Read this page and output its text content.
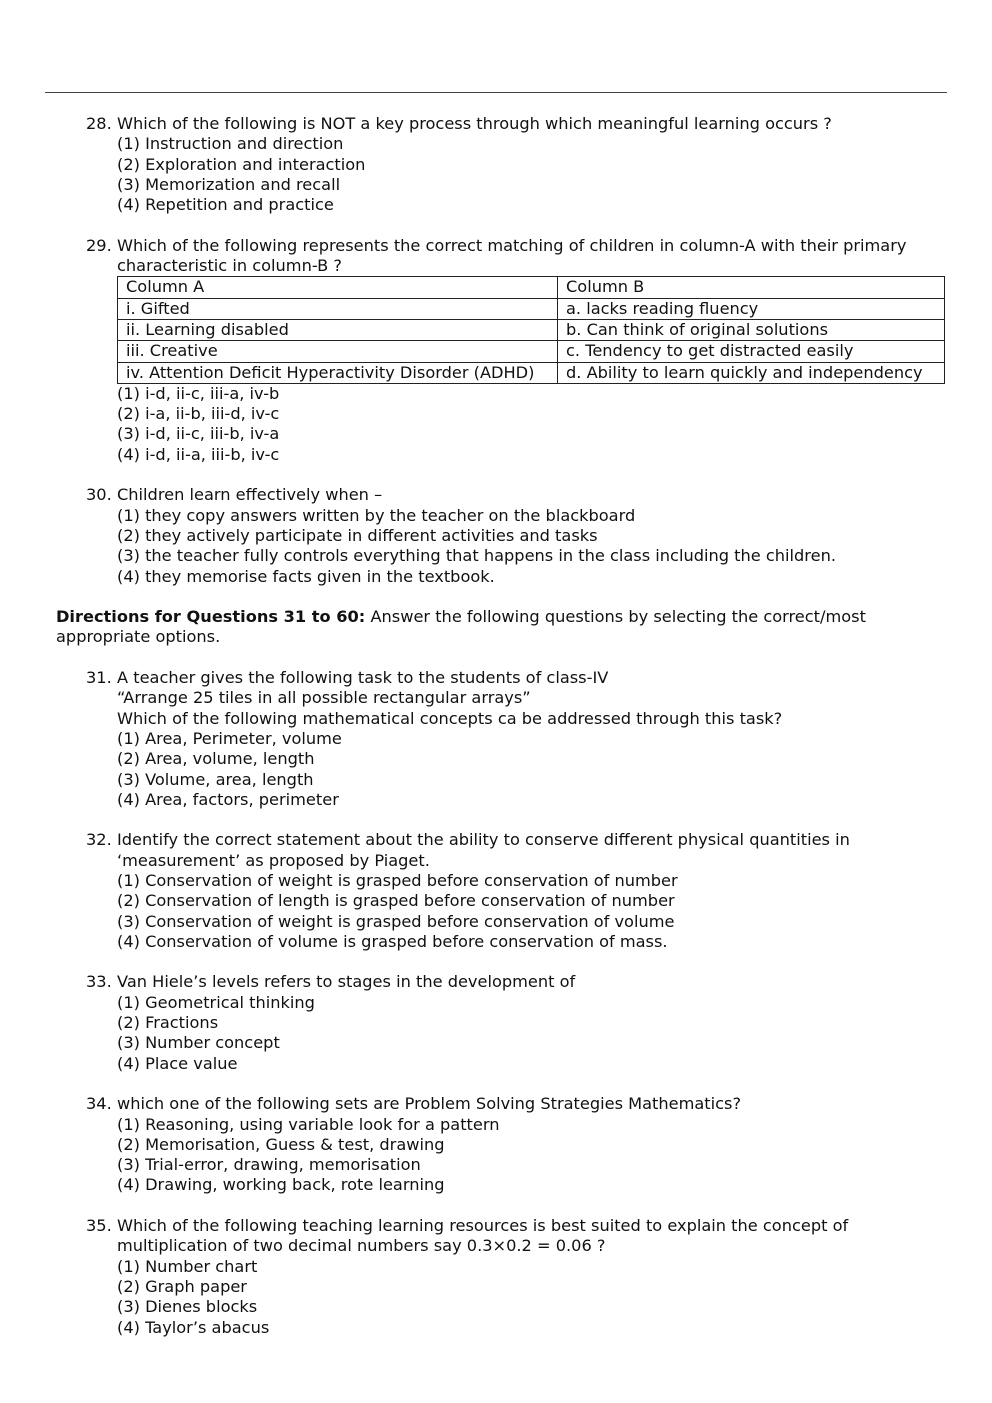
28. Which of the following is NOT a key process through which meaningful learning occurs ?
(1) Instruction and direction
(2) Exploration and interaction
(3) Memorization and recall
(4) Repetition and practice
29. Which of the following represents the correct matching of children in column-A with their primary
characteristic in column-B ?
Column A	Column B
i. Gifted	a. lacks reading fluency
ii. Learning disabled	b. Can think of original solutions
iii. Creative	c. Tendency to get distracted easily
iv. Attention Deficit Hyperactivity Disorder (ADHD)	d. Ability to learn quickly and independency
(1) i-d, ii-c, iii-a, iv-b
(2) i-a, ii-b, iii-d, iv-c
(3) i-d, ii-c, iii-b, iv-a
(4) i-d, ii-a, iii-b, iv-c
30. Children learn effectively when –
(1) they copy answers written by the teacher on the blackboard
(2) they actively participate in different activities and tasks
(3) the teacher fully controls everything that happens in the class including the children.
(4) they memorise facts given in the textbook.
Directions for Questions 31 to 60: Answer the following questions by selecting the correct/most appropriate options.
31. A teacher gives the following task to the students of class-IV
“Arrange 25 tiles in all possible rectangular arrays”
Which of the following mathematical concepts ca be addressed through this task?
(1) Area, Perimeter, volume
(2) Area, volume, length
(3) Volume, area, length
(4) Area, factors, perimeter
32. Identify the correct statement about the ability to conserve different physical quantities in
‘measurement’ as proposed by Piaget.
(1) Conservation of weight is grasped before conservation of number
(2) Conservation of length is grasped before conservation of number
(3) Conservation of weight is grasped before conservation of volume
(4) Conservation of volume is grasped before conservation of mass.
33. Van Hiele’s levels refers to stages in the development of
(1) Geometrical thinking
(2) Fractions
(3) Number concept
(4) Place value
34. which one of the following sets are Problem Solving Strategies Mathematics?
(1) Reasoning, using variable look for a pattern
(2) Memorisation, Guess & test, drawing
(3) Trial-error, drawing, memorisation
(4) Drawing, working back, rote learning
35. Which of the following teaching learning resources is best suited to explain the concept of
multiplication of two decimal numbers say 0.3×0.2 = 0.06 ?
(1) Number chart
(2) Graph paper
(3) Dienes blocks
(4) Taylor’s abacus
